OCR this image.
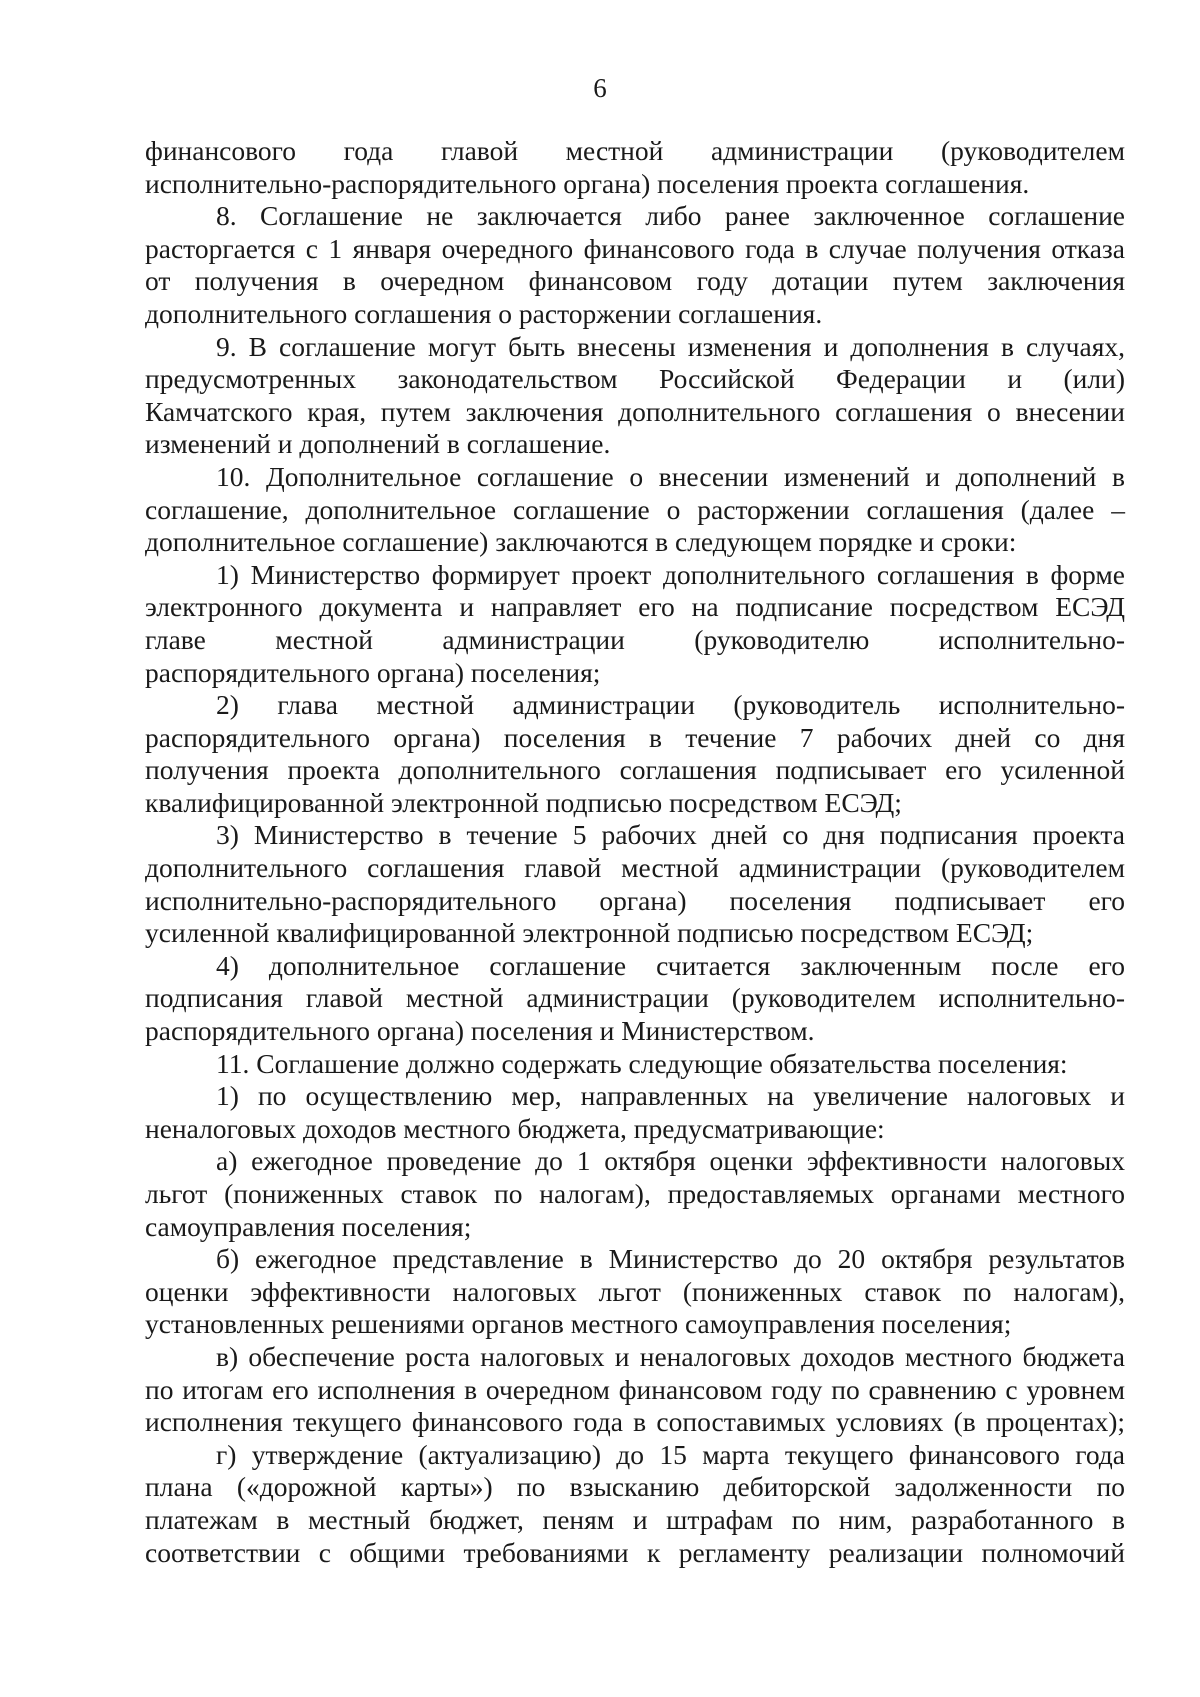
6
финансового года главой местной администрации (руководителем
исполнительно-распорядительного органа) поселения проекта соглашения.
8. Соглашение не заключается либо ранее заключенное соглашение
расторгается с 1 января очередного финансового года в случае получения отказа
от получения в очередном финансовом году дотации путем заключения
дополнительного соглашения о расторжении соглашения.
9. В соглашение могут быть внесены изменения и дополнения в случаях,
предусмотренных законодательством Российской Федерации и (или)
Камчатского края, путем заключения дополнительного соглашения о внесении
изменений и дополнений в соглашение.
10. Дополнительное соглашение о внесении изменений и дополнений в
соглашение, дополнительное соглашение о расторжении соглашения (далее –
дополнительное соглашение) заключаются в следующем порядке и сроки:
1) Министерство формирует проект дополнительного соглашения в форме
электронного документа и направляет его на подписание посредством ЕСЭД
главе местной администрации (руководителю исполнительно-
распорядительного органа) поселения;
2) глава местной администрации (руководитель исполнительно-
распорядительного органа) поселения в течение 7 рабочих дней со дня
получения проекта дополнительного соглашения подписывает его усиленной
квалифицированной электронной подписью посредством ЕСЭД;
3) Министерство в течение 5 рабочих дней со дня подписания проекта
дополнительного соглашения главой местной администрации (руководителем
исполнительно-распорядительного органа) поселения подписывает его
усиленной квалифицированной электронной подписью посредством ЕСЭД;
4) дополнительное соглашение считается заключенным после его
подписания главой местной администрации (руководителем исполнительно-
распорядительного органа) поселения и Министерством.
11. Соглашение должно содержать следующие обязательства поселения:
1) по осуществлению мер, направленных на увеличение налоговых и
неналоговых доходов местного бюджета, предусматривающие:
а) ежегодное проведение до 1 октября оценки эффективности налоговых
льгот (пониженных ставок по налогам), предоставляемых органами местного
самоуправления поселения;
б) ежегодное представление в Министерство до 20 октября результатов
оценки эффективности налоговых льгот (пониженных ставок по налогам),
установленных решениями органов местного самоуправления поселения;
в) обеспечение роста налоговых и неналоговых доходов местного бюджета
по итогам его исполнения в очередном финансовом году по сравнению с уровнем
исполнения текущего финансового года в сопоставимых условиях (в процентах);
г) утверждение (актуализацию) до 15 марта текущего финансового года
плана («дорожной карты») по взысканию дебиторской задолженности по
платежам в местный бюджет, пеням и штрафам по ним, разработанного в
соответствии с общими требованиями к регламенту реализации полномочий
